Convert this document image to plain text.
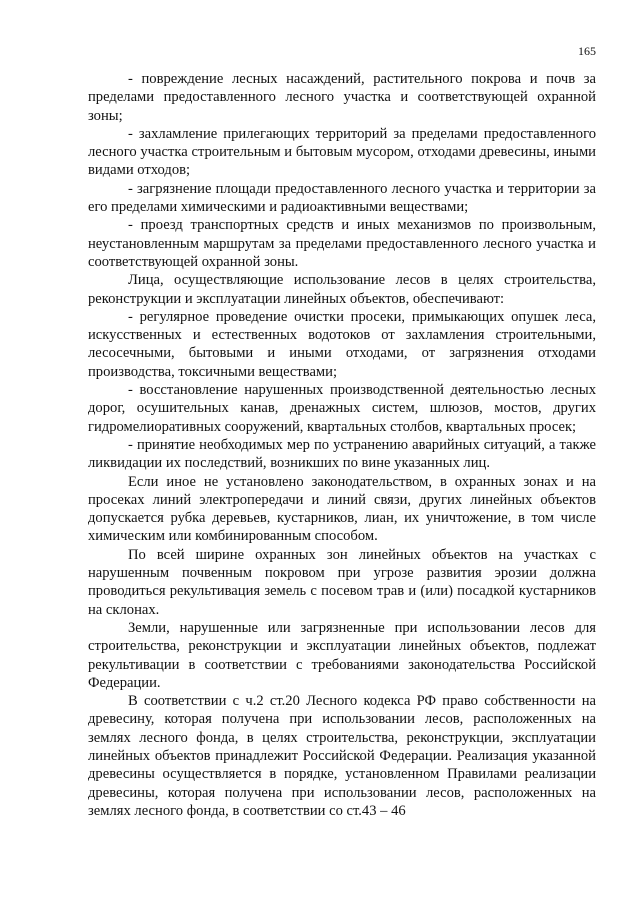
165

- повреждение лесных насаждений, растительного покрова и почв за пределами предоставленного лесного участка и соответствующей охранной зоны;

- захламление прилегающих территорий за пределами предоставленного лесного участка строительным и бытовым мусором, отходами древесины, иными видами отходов;

- загрязнение площади предоставленного лесного участка и территории за его пределами химическими и радиоактивными веществами;

- проезд транспортных средств и иных механизмов по произвольным, неустановленным маршрутам за пределами предоставленного лесного участка и соответствующей охранной зоны.

Лица, осуществляющие использование лесов в целях строительства, реконструкции и эксплуатации линейных объектов, обеспечивают:

- регулярное проведение очистки просеки, примыкающих опушек леса, искусственных и естественных водотоков от захламления строительными, лесосечными, бытовыми и иными отходами, от загрязнения отходами производства, токсичными веществами;

- восстановление нарушенных производственной деятельностью лесных дорог, осушительных канав, дренажных систем, шлюзов, мостов, других гидромелиоративных сооружений, квартальных столбов, квартальных просек;

- принятие необходимых мер по устранению аварийных ситуаций, а также ликвидации их последствий, возникших по вине указанных лиц.

Если иное не установлено законодательством, в охранных зонах и на просеках линий электропередачи и линий связи, других линейных объектов допускается рубка деревьев, кустарников, лиан, их уничтожение, в том числе химическим или комбинированным способом.

По всей ширине охранных зон линейных объектов на участках с нарушенным почвенным покровом при угрозе развития эрозии должна проводиться рекультивация земель с посевом трав и (или) посадкой кустарников на склонах.

Земли, нарушенные или загрязненные при использовании лесов для строительства, реконструкции и эксплуатации линейных объектов, подлежат рекультивации в соответствии с требованиями законодательства Российской Федерации.

В соответствии с ч.2 ст.20 Лесного кодекса РФ право собственности на древесину, которая получена при использовании лесов, расположенных на землях лесного фонда, в целях строительства, реконструкции, эксплуатации линейных объектов принадлежит Российской Федерации. Реализация указанной древесины осуществляется в порядке, установленном Правилами реализации древесины, которая получена при использовании лесов, расположенных на землях лесного фонда, в соответствии со ст.43 – 46
